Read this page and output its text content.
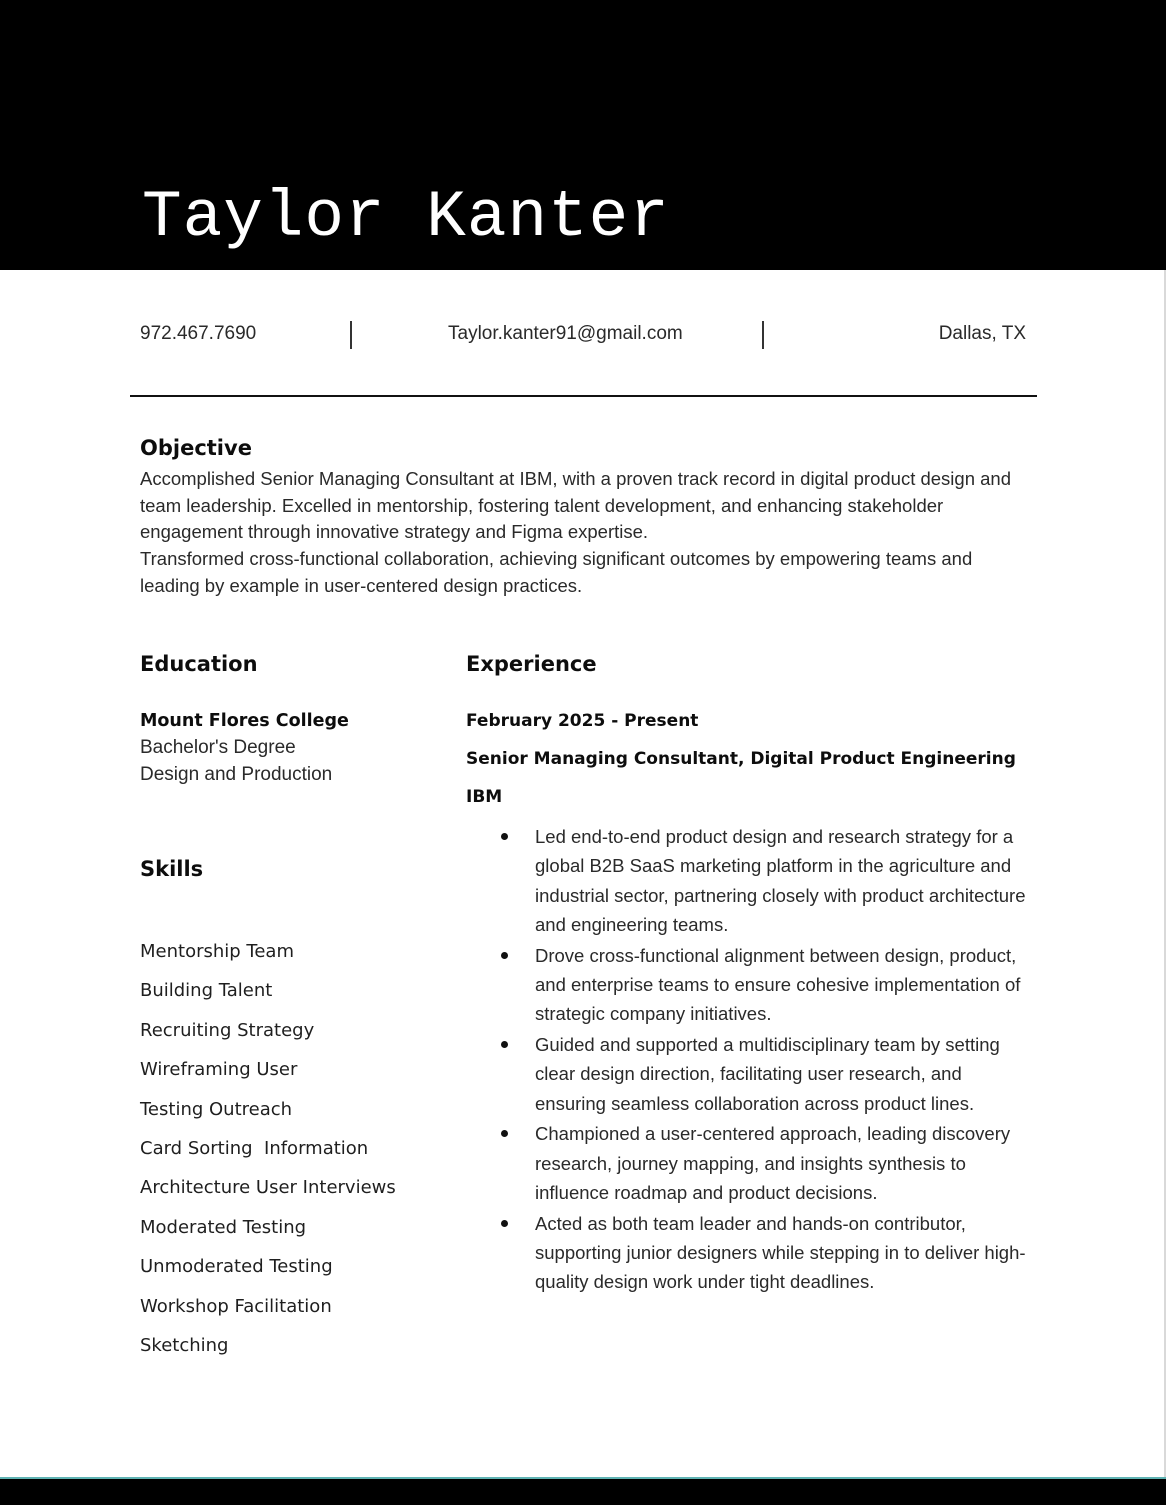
Taylor Kanter
972.467.7690	Taylor.kanter91@gmail.com	Dallas, TX
Objective

Accomplished Senior Managing Consultant at IBM, with a proven track record in digital product design and team leadership. Excelled in mentorship, fostering talent development, and enhancing stakeholder engagement through innovative strategy and Figma expertise.

Transformed cross-functional collaboration, achieving significant outcomes by empowering teams and leading by example in user-centered design practices.

Education
Mount Flores College
Bachelor's Degree
Design and Production
Skills
Mentorship Team
Building Talent
Recruiting Strategy
Wireframing User
Testing Outreach
Card Sorting  Information
Architecture User Interviews
Moderated Testing
Unmoderated Testing
Workshop Facilitation
Sketching
Experience
February 2025 - Present
Senior Managing Consultant, Digital Product Engineering
IBM
Led end-to-end product design and research strategy for a global B2B SaaS marketing platform in the agriculture and industrial sector, partnering closely with product architecture and engineering teams.
Drove cross-functional alignment between design, product, and enterprise teams to ensure cohesive implementation of strategic company initiatives.
Guided and supported a multidisciplinary team by setting clear design direction, facilitating user research, and ensuring seamless collaboration across product lines.
Championed a user-centered approach, leading discovery research, journey mapping, and insights synthesis to influence roadmap and product decisions.
Acted as both team leader and hands-on contributor, supporting junior designers while stepping in to deliver high-quality design work under tight deadlines.
